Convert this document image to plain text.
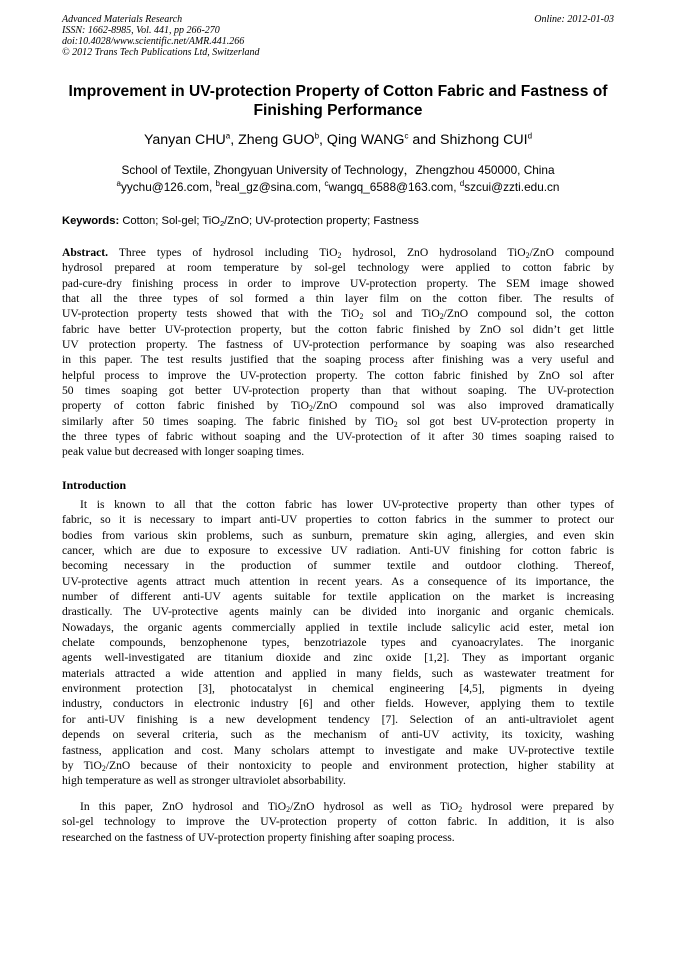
Advanced Materials Research
ISSN: 1662-8985, Vol. 441, pp 266-270
doi:10.4028/www.scientific.net/AMR.441.266
© 2012 Trans Tech Publications Ltd, Switzerland
Online: 2012-01-03
Improvement in UV-protection Property of Cotton Fabric and Fastness of
Finishing Performance
Yanyan CHU$^a$, Zheng GUO$^b$, Qing WANG$^c$ and Shizhong CUI$^d$
School of Textile, Zhongyuan University of Technology，Zhengzhou 450000, China
$^a$yychu@126.com, $^b$real_gz@sina.com, $^c$wangq_6588@163.com, $^d$szcui@zzti.edu.cn
Keywords: Cotton; Sol-gel; TiO$_2$/ZnO; UV-protection property; Fastness
Abstract. Three types of hydrosol including TiO$_2$ hydrosol, ZnO hydrosoland TiO$_2$/ZnO compound
hydrosol prepared at room temperature by sol-gel technology were applied to cotton fabric by
pad-cure-dry finishing process in order to improve UV-protection property. The SEM image showed
that all the three types of sol formed a thin layer film on the cotton fiber. The results of
UV-protection property tests showed that with the TiO$_2$ sol and TiO$_2$/ZnO compound sol, the cotton
fabric have better UV-protection property, but the cotton fabric finished by ZnO sol didn’t get little
UV protection property. The fastness of UV-protection performance by soaping was also researched
in this paper. The test results justified that the soaping process after finishing was a very useful and
helpful process to improve the UV-protection property. The cotton fabric finished by ZnO sol after
50 times soaping got better UV-protection property than that without soaping. The UV-protection
property of cotton fabric finished by TiO$_2$/ZnO compound sol was also improved dramatically
similarly after 50 times soaping. The fabric finished by TiO$_2$ sol got best UV-protection property in
the three types of fabric without soaping and the UV-protection of it after 30 times soaping raised to
peak value but decreased with longer soaping times.
Introduction
It is known to all that the cotton fabric has lower UV-protective property than other types of
fabric, so it is necessary to impart anti-UV properties to cotton fabrics in the summer to protect our
bodies from various skin problems, such as sunburn, premature skin aging, allergies, and even skin
cancer, which are due to exposure to excessive UV radiation. Anti-UV finishing for cotton fabric is
becoming necessary in the production of summer textile and outdoor clothing. Thereof,
UV-protective agents attract much attention in recent years. As a consequence of its importance, the
number of different anti-UV agents suitable for textile application on the market is increasing
drastically. The UV-protective agents mainly can be divided into inorganic and organic chemicals.
Nowadays, the organic agents commercially applied in textile include salicylic acid ester, metal ion
chelate compounds, benzophenone types, benzotriazole types and cyanoacrylates. The inorganic
agents well-investigated are titanium dioxide and zinc oxide [1,2]. They as important organic
materials attracted a wide attention and applied in many fields, such as wastewater treatment for
environment protection [3], photocatalyst in chemical engineering [4,5], pigments in dyeing
industry, conductors in electronic industry [6] and other fields. However, applying them to textile
for anti-UV finishing is a new development tendency [7]. Selection of an anti-ultraviolet agent
depends on several criteria, such as the mechanism of anti-UV activity, its toxicity, washing
fastness, application and cost. Many scholars attempt to investigate and make UV-protective textile
by TiO$_2$/ZnO because of their nontoxicity to people and environment protection, higher stability at
high temperature as well as stronger ultraviolet absorbability.
In this paper, ZnO hydrosol and TiO$_2$/ZnO hydrosol as well as TiO$_2$ hydrosol were prepared by
sol-gel technology to improve the UV-protection property of cotton fabric. In addition, it is also
researched on the fastness of UV-protection property finishing after soaping process.
